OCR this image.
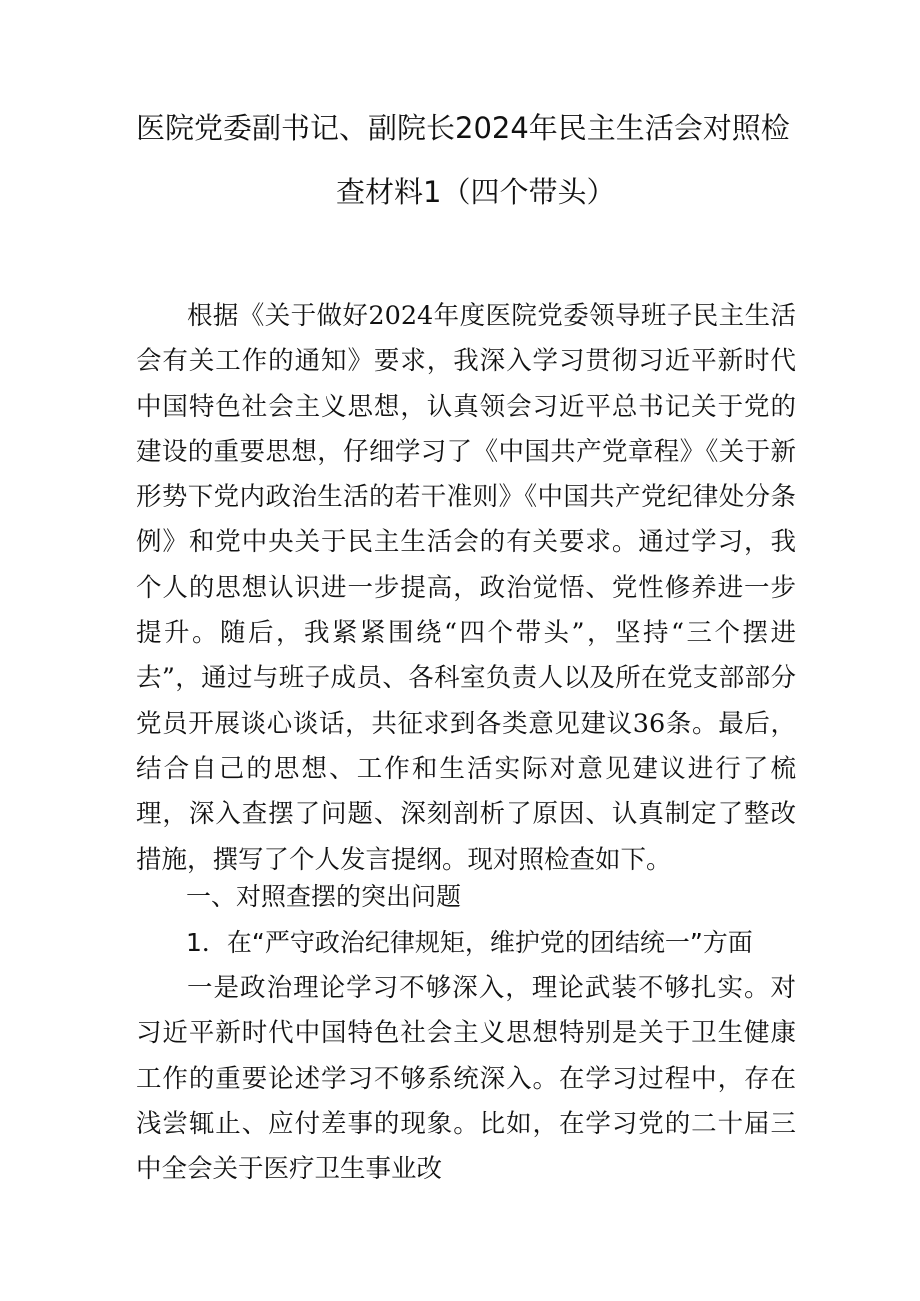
医院党委副书记、副院长2024年民主生活会对照检
查材料1（四个带头）

根据《关于做好2024年度医院党委领导班子民主生活会有关工作的通知》要求，我深入学习贯彻习近平新时代中国特色社会主义思想，认真领会习近平总书记关于党的建设的重要思想，仔细学习了《中国共产党章程》《关于新形势下党内政治生活的若干准则》《中国共产党纪律处分条例》和党中央关于民主生活会的有关要求。通过学习，我个人的思想认识进一步提高，政治觉悟、党性修养进一步提升。随后，我紧紧围绕“四个带头”，坚持“三个摆进去”，通过与班子成员、各科室负责人以及所在党支部部分党员开展谈心谈话，共征求到各类意见建议36条。最后，结合自己的思想、工作和生活实际对意见建议进行了梳理，深入查摆了问题、深刻剖析了原因、认真制定了整改措施，撰写了个人发言提纲。现对照检查如下。

一、对照查摆的突出问题
1．在“严守政治纪律规矩，维护党的团结统一”方面

一是政治理论学习不够深入，理论武装不够扎实。对习近平新时代中国特色社会主义思想特别是关于卫生健康工作的重要论述学习不够系统深入。在学习过程中，存在浅尝辄止、应付差事的现象。比如，在学习党的二十届三中全会关于医疗卫生事业改
